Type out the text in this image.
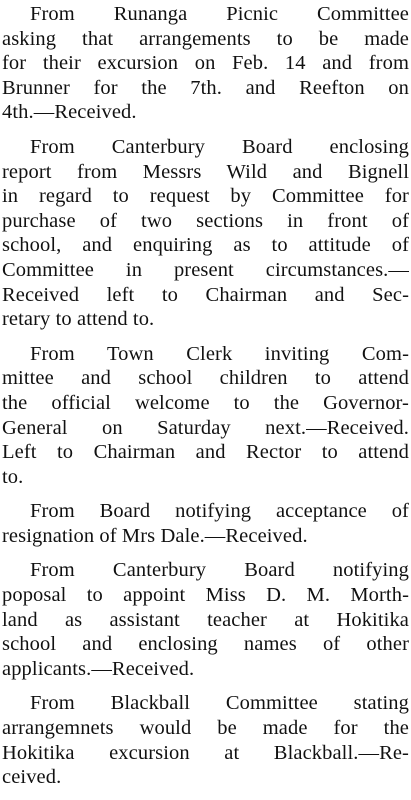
From Runanga Picnic Committee
asking that arrangements to be made
for their excursion on Feb. 14 and from
Brunner for the 7th. and Reefton on
4th.—Received.

From Canterbury Board enclosing
report from Messrs Wild and Bignell
in regard to request by Committee for
purchase of two sections in front of
school, and enquiring as to attitude of
Committee in present circumstances.—
Received left to Chairman and Sec-
retary to attend to.

From Town Clerk inviting Com-
mittee and school children to attend
the official welcome to the Governor-
General on Saturday next.—Received.
Left to Chairman and Rector to attend
to.

From Board notifying acceptance of
resignation of Mrs Dale.—Received.

From Canterbury Board notifying
poposal to appoint Miss D. M. Morth-
land as assistant teacher at Hokitika
school and enclosing names of other
applicants.—Received.

From Blackball Committee stating
arrangemnets would be made for the
Hokitika excursion at Blackball.—Re-
ceived.
